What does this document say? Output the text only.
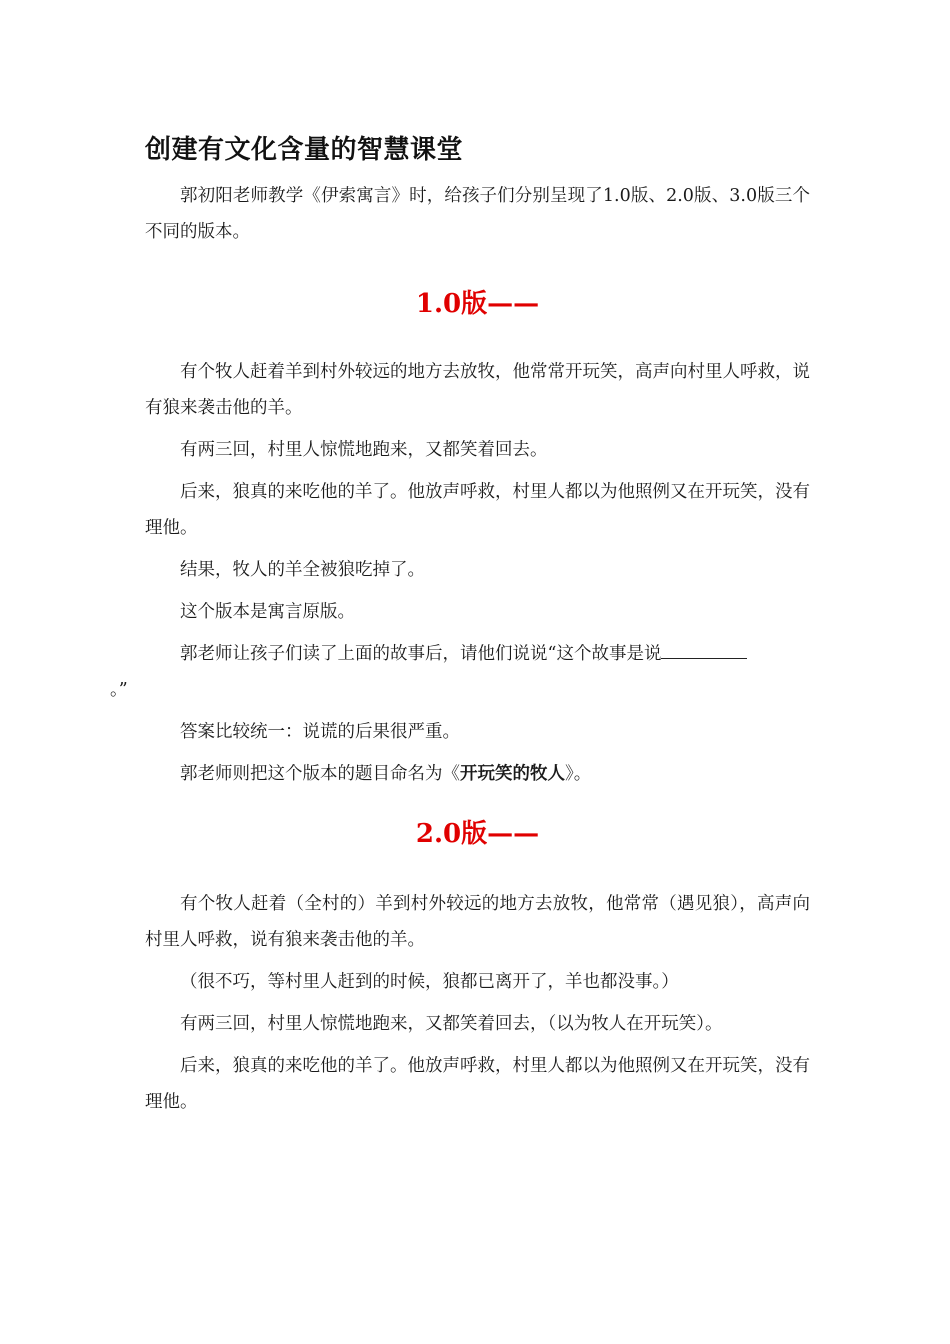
创建有文化含量的智慧课堂

郭初阳老师教学《伊索寓言》时，给孩子们分别呈现了1.0版、2.0版、3.0版三个不同的版本。

1.0版——

有个牧人赶着羊到村外较远的地方去放牧，他常常开玩笑，高声向村里人呼救，说有狼来袭击他的羊。

有两三回，村里人惊慌地跑来，又都笑着回去。

后来，狼真的来吃他的羊了。他放声呼救，村里人都以为他照例又在开玩笑，没有理他。

结果，牧人的羊全被狼吃掉了。

这个版本是寓言原版。

郭老师让孩子们读了上面的故事后，请他们说说“这个故事是说
。”

答案比较统一：说谎的后果很严重。

郭老师则把这个版本的题目命名为《开玩笑的牧人》。

2.0版——

有个牧人赶着（全村的）羊到村外较远的地方去放牧，他常常（遇见狼），高声向村里人呼救，说有狼来袭击他的羊。

（很不巧，等村里人赶到的时候，狼都已离开了，羊也都没事。）

有两三回，村里人惊慌地跑来，又都笑着回去，（以为牧人在开玩笑）。

后来，狼真的来吃他的羊了。他放声呼救，村里人都以为他照例又在开玩笑，没有理他。
